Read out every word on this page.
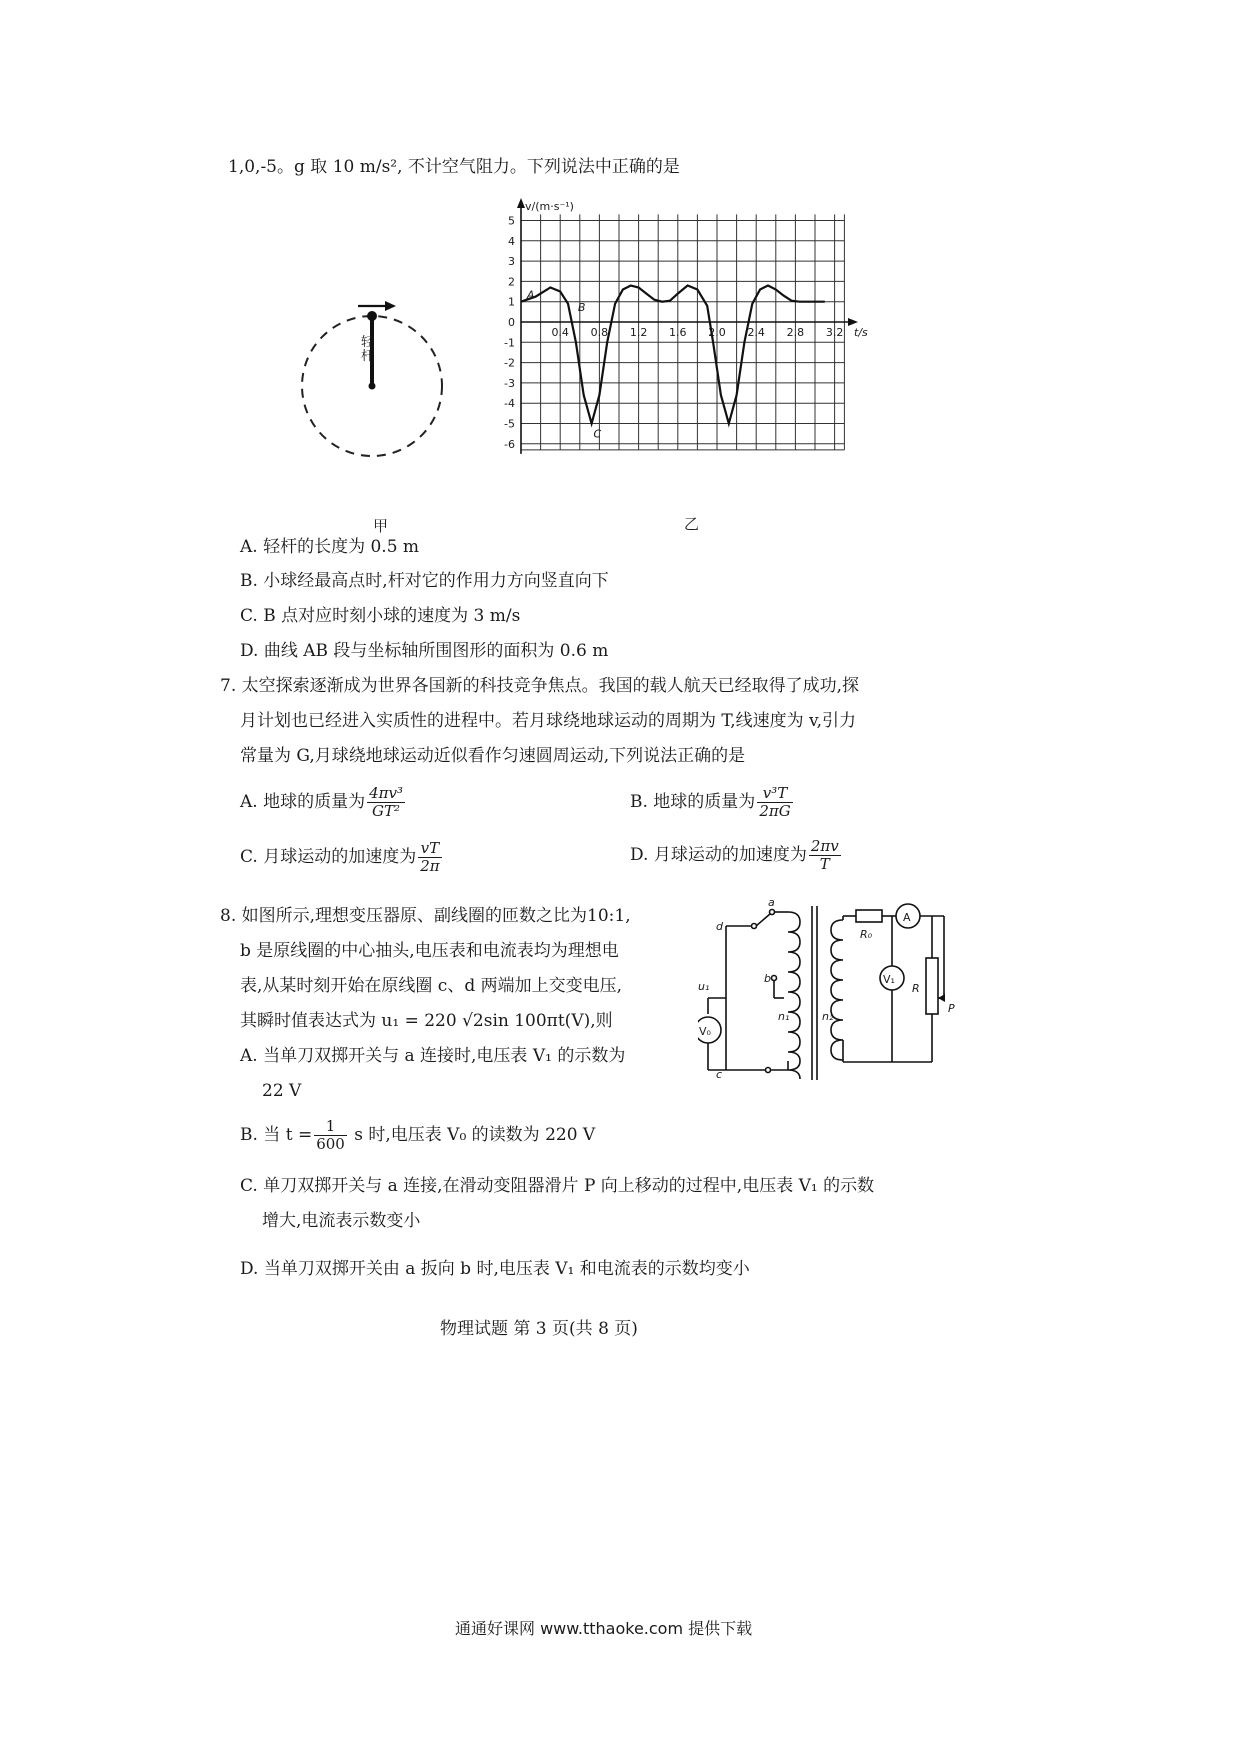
1,0,-5。g 取 10 m/s², 不计空气阻力。下列说法中正确的是
轻杆
甲
v/(m·s⁻¹)
t/s
0.4 0.8 1.2 1.6 2.0 2.4 2.8 3.2
5
4
3
2
1
0
-1
-2
-3
-4
-5
-6
A
B
C
乙
A. 轻杆的长度为 0.5 m
B. 小球经最高点时,杆对它的作用力方向竖直向下
C. B 点对应时刻小球的速度为 3 m/s
D. 曲线 AB 段与坐标轴所围图形的面积为 0.6 m
7. 太空探索逐渐成为世界各国新的科技竞争焦点。我国的载人航天已经取得了成功,探
月计划也已经进入实质性的进程中。若月球绕地球运动的周期为 T,线速度为 v,引力
常量为 G,月球绕地球运动近似看作匀速圆周运动,下列说法正确的是
A. 地球的质量为 $\frac{\text{4πv³}}{\text{GT²}}$	B. 地球的质量为 $\frac{\text{v³T}}{2\pi G}$
C. 月球运动的加速度为 $\frac{vT}{2\pi}$	D. 月球运动的加速度为 $\frac{2\pi v}{T}$
8. 如图所示,理想变压器原、副线圈的匝数之比为10:1,
b 是原线圈的中心抽头,电压表和电流表均为理想电
表,从某时刻开始在原线圈 c、d 两端加上交变电压,
其瞬时值表达式为 u₁ = 220 √2sin 100πt(V),则
A. 当单刀双掷开关与 a 连接时,电压表 V₁ 的示数为
22 V
a
b
c
d
u₁
n₁	n₂
R₀
A
V₁
V₀
R
P
B. 当 $t = \frac{1}{600}$ s 时,电压表 V₀ 的读数为 220 V
C. 单刀双掷开关与 a 连接,在滑动变阻器滑片 P 向上移动的过程中,电压表 V₁ 的示数
增大,电流表示数变小
D. 当单刀双掷开关由 a 扳向 b 时,电压表 V₁ 和电流表的示数均变小
物理试题 第 3 页(共 8 页)
通通好课网 www.tthaoke.com 提供下载
